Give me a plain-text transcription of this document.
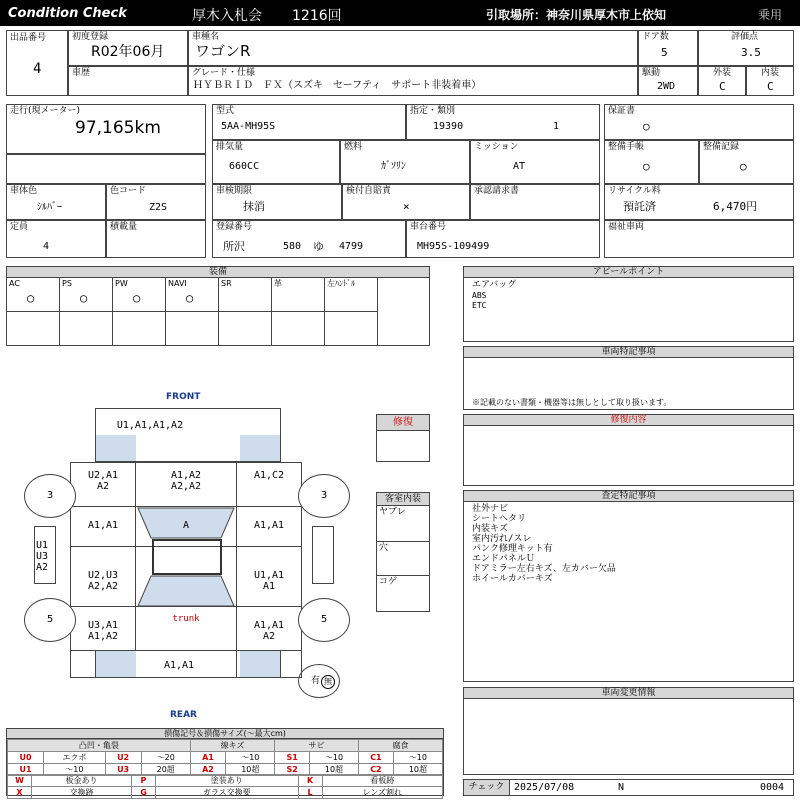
Condition Check	厚木入札会 1216回	引取場所：神奈川県厚木市上依知	乗用
出品番号
4
初度登録
R02年06月
車種名
ワゴンR
ドア数
5
評価点
3.5
車歴	グレード・仕様
ＨＹＢＲＩＤ　ＦＸ（スズキ　セーフティ　サポート非装着車）
駆動
2WD
外装
C
内装
C
走行(現メーター)
97,165km
型式
5AA-MH95S
指定・類別
19390	1
保証書
○
排気量
660CC
燃料
ｶﾞｿﾘﾝ
ミッション
AT
整備手帳
○
整備記録
○
車体色
ｼﾙﾊﾞｰ
色コード
Z2S
車検期限
抹消
検付自賠責
×
承認請求書	リサイクル料
預託済	6,470円
定員
4
積載量	登録番号
所沢	580 ゆ 4799
車台番号
MH95S-109499
福祉車両
装備
AC
○
PS
○
PW
○
NAVI
○
SR	革	左ﾊﾝﾄﾞﾙ
アピールポイント
エアバッグ
ABS
ETC
車両特記事項
※記載のない書類・機器等は無しとして取り扱います。
修復内容
査定特記事項
社外ナビ
シートヘタリ
内装キズ
室内汚れ/スレ
パンク修理キット有
エンドパネルＵ
ドアミラー左右キズ、左カバー欠品
ホイールカバーキズ
車両変更情報
修復
客室内装
ヤブレ
穴
コゲ
FRONT
REAR
3	3
5	5
U1,A1,A1,A2
U2,A1
A2
A1,A2
A2,A2
A1,C2
A1,A1	A	A1,A1
U2,U3
A2,A2
U1,A1
A1
U3,A1
A1,A2
trunk
A1,A1
A2
A1,A1
U1
U3
A2
有 無
損傷記号＆損傷サイズ(〜最大cm)
凸凹・亀裂				線キズ		サビ		腐食	
U0	エクボ	U2	〜20	A1	〜10	S1	〜10	C1	〜10
U1	〜10	U3	20超	A2	10超	S2	10超	C2	10超
W	板金あり	P	塗装あり	K	看板跡
X	交換跡	G	ガラス交換要	L	レンズ割れ
チェック 2025/07/08	N	0004
